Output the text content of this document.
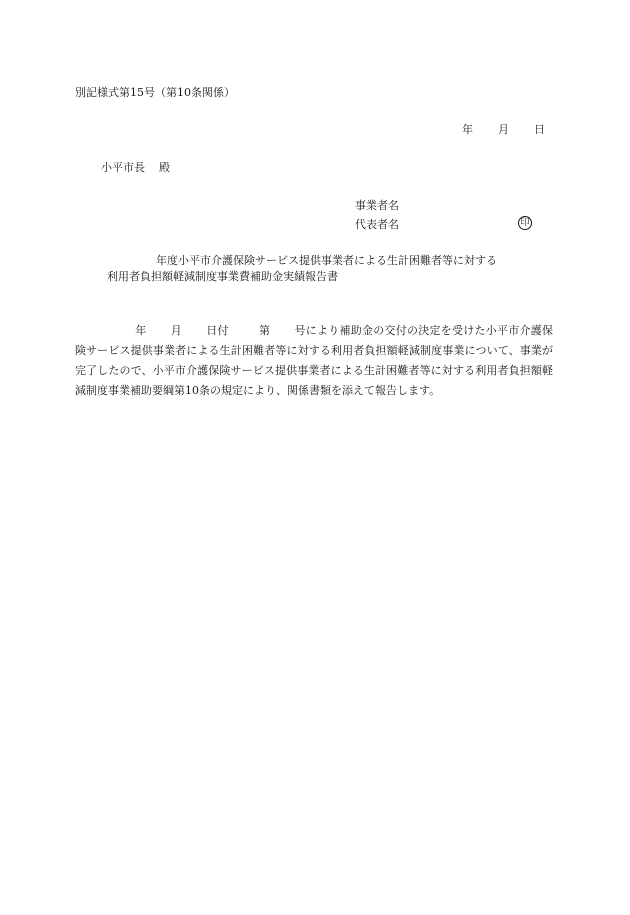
別記様式第15号（第10条関係）
年 月 日
小平市長 殿
事業者名
代表者名	印
年度小平市介護保険サービス提供事業者による生計困難者等に対する
利用者負担額軽減制度事業費補助金実績報告書
年 月 日付	第 号により補助金の交付の決定を受けた小平市介護保険サービス提供事業者による生計困難者等に対する利用者負担額軽減制度事業について、事業が完了したので、小平市介護保険サービス提供事業者による生計困難者等に対する利用者負担額軽減制度事業補助要綱第10条の規定により、関係書類を添えて報告します。
